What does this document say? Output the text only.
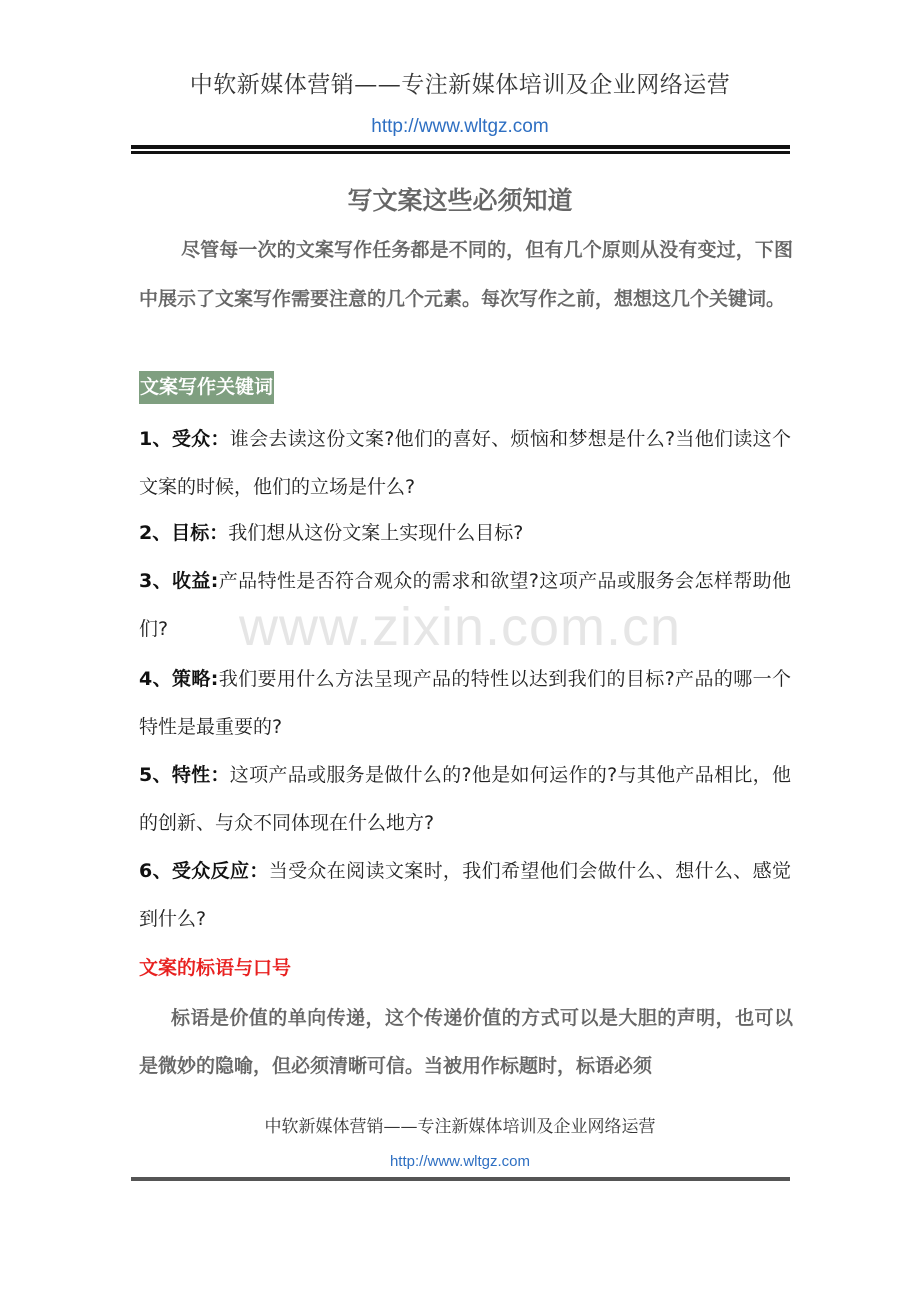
中软新媒体营销——专注新媒体培训及企业网络运营
http://www.wltgz.com
www.zixin.com.cn
写文案这些必须知道
尽管每一次的文案写作任务都是不同的，但有几个原则从没有变过，下图中展示了文案写作需要注意的几个元素。每次写作之前，想想这几个关键词。
文案写作关键词
1、受众：谁会去读这份文案?他们的喜好、烦恼和梦想是什么?当他们读这个文案的时候，他们的立场是什么?
2、目标：我们想从这份文案上实现什么目标?
3、收益:产品特性是否符合观众的需求和欲望?这项产品或服务会怎样帮助他们?
4、策略:我们要用什么方法呈现产品的特性以达到我们的目标?产品的哪一个特性是最重要的?
5、特性：这项产品或服务是做什么的?他是如何运作的?与其他产品相比，他的创新、与众不同体现在什么地方?
6、受众反应：当受众在阅读文案时，我们希望他们会做什么、想什么、感觉到什么?
文案的标语与口号
标语是价值的单向传递，这个传递价值的方式可以是大胆的声明，也可以是微妙的隐喻，但必须清晰可信。当被用作标题时，标语必须
中软新媒体营销——专注新媒体培训及企业网络运营
http://www.wltgz.com
